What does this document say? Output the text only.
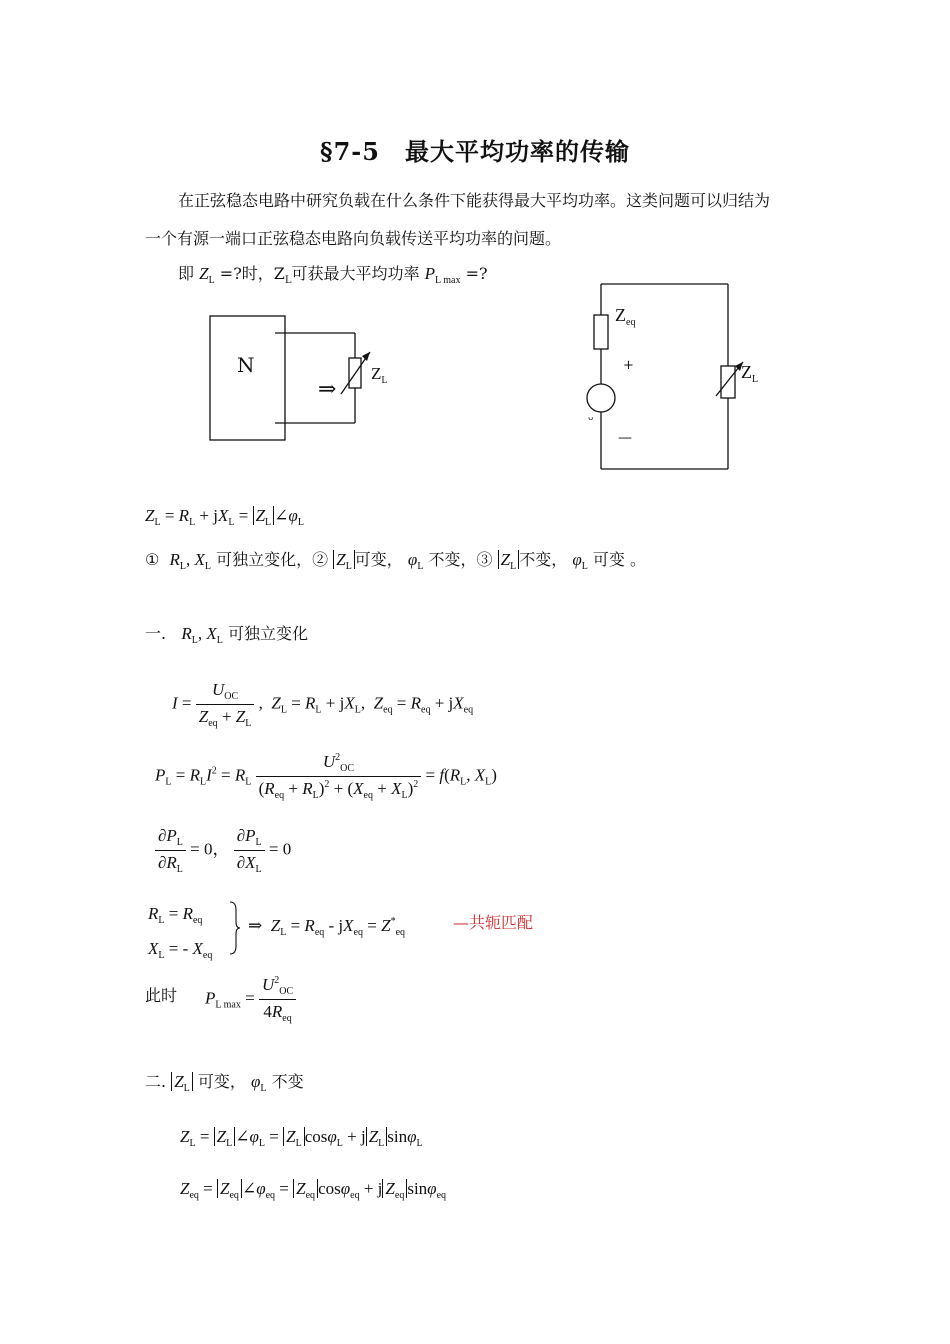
§7-5　最大平均功率的传输
在正弦稳态电路中研究负载在什么条件下能获得最大平均功率。这类问题可以归结为
一个有源一端口正弦稳态电路向负载传送平均功率的问题。
即 $Z_L$ =?时，$Z_L$可获最大平均功率 $P_{L max}$ =?
N
⇒
$Z_L$
ᴗ
$Z_{eq}$
+
—
$Z_L$
$Z_L = R_L + jX_L = Z_L$ $\angle\varphi_L$
① $R_L$, $X_L$ 可独立变化，② $Z_L$ 可变， $\varphi_L$ 不变，③ $Z_L$ 不变， $\varphi_L$ 可变 。
一. $R_L$, $X_L$ 可独立变化
$I = \frac{U_{OC}}{Z_{eq} + Z_L}$ ,  $Z_L = R_L + jX_L$,  $Z_{eq} = R_{eq} + jX_{eq}$
$P_L = R_LI^2 = R_L \frac{U^2_{OC}}{(R_{eq} + R_L)^2 + (X_{eq} + X_L)^2} = f(R_L$, $X_L$)
$\frac{\partial P_L}{\partial R_L} = 0$， $\frac{\partial P_L}{\partial X_L} = 0$
$R_L = R_{eq}$
$X_L$ = - $X_{eq}$
⇒  $Z_L = R_{eq} - jX_{eq} = Z^*_{eq}$
—共轭匹配
此时 $P_{L max} = \frac{U^2_{OC}}{4R_{eq}}$
二. $Z_L$ 可变， $\varphi_L$ 不变
$Z_L = Z_L$ $\angle\varphi_L = Z_L$ cosφ$_L$ + j $Z_L$ sinφ$_L$
$Z_{eq} = Z_{eq}$ $\angle\varphi_{eq} = Z_{eq}$ cosφ$_{eq}$ + j $Z_{eq}$ sinφ$_{eq}$
